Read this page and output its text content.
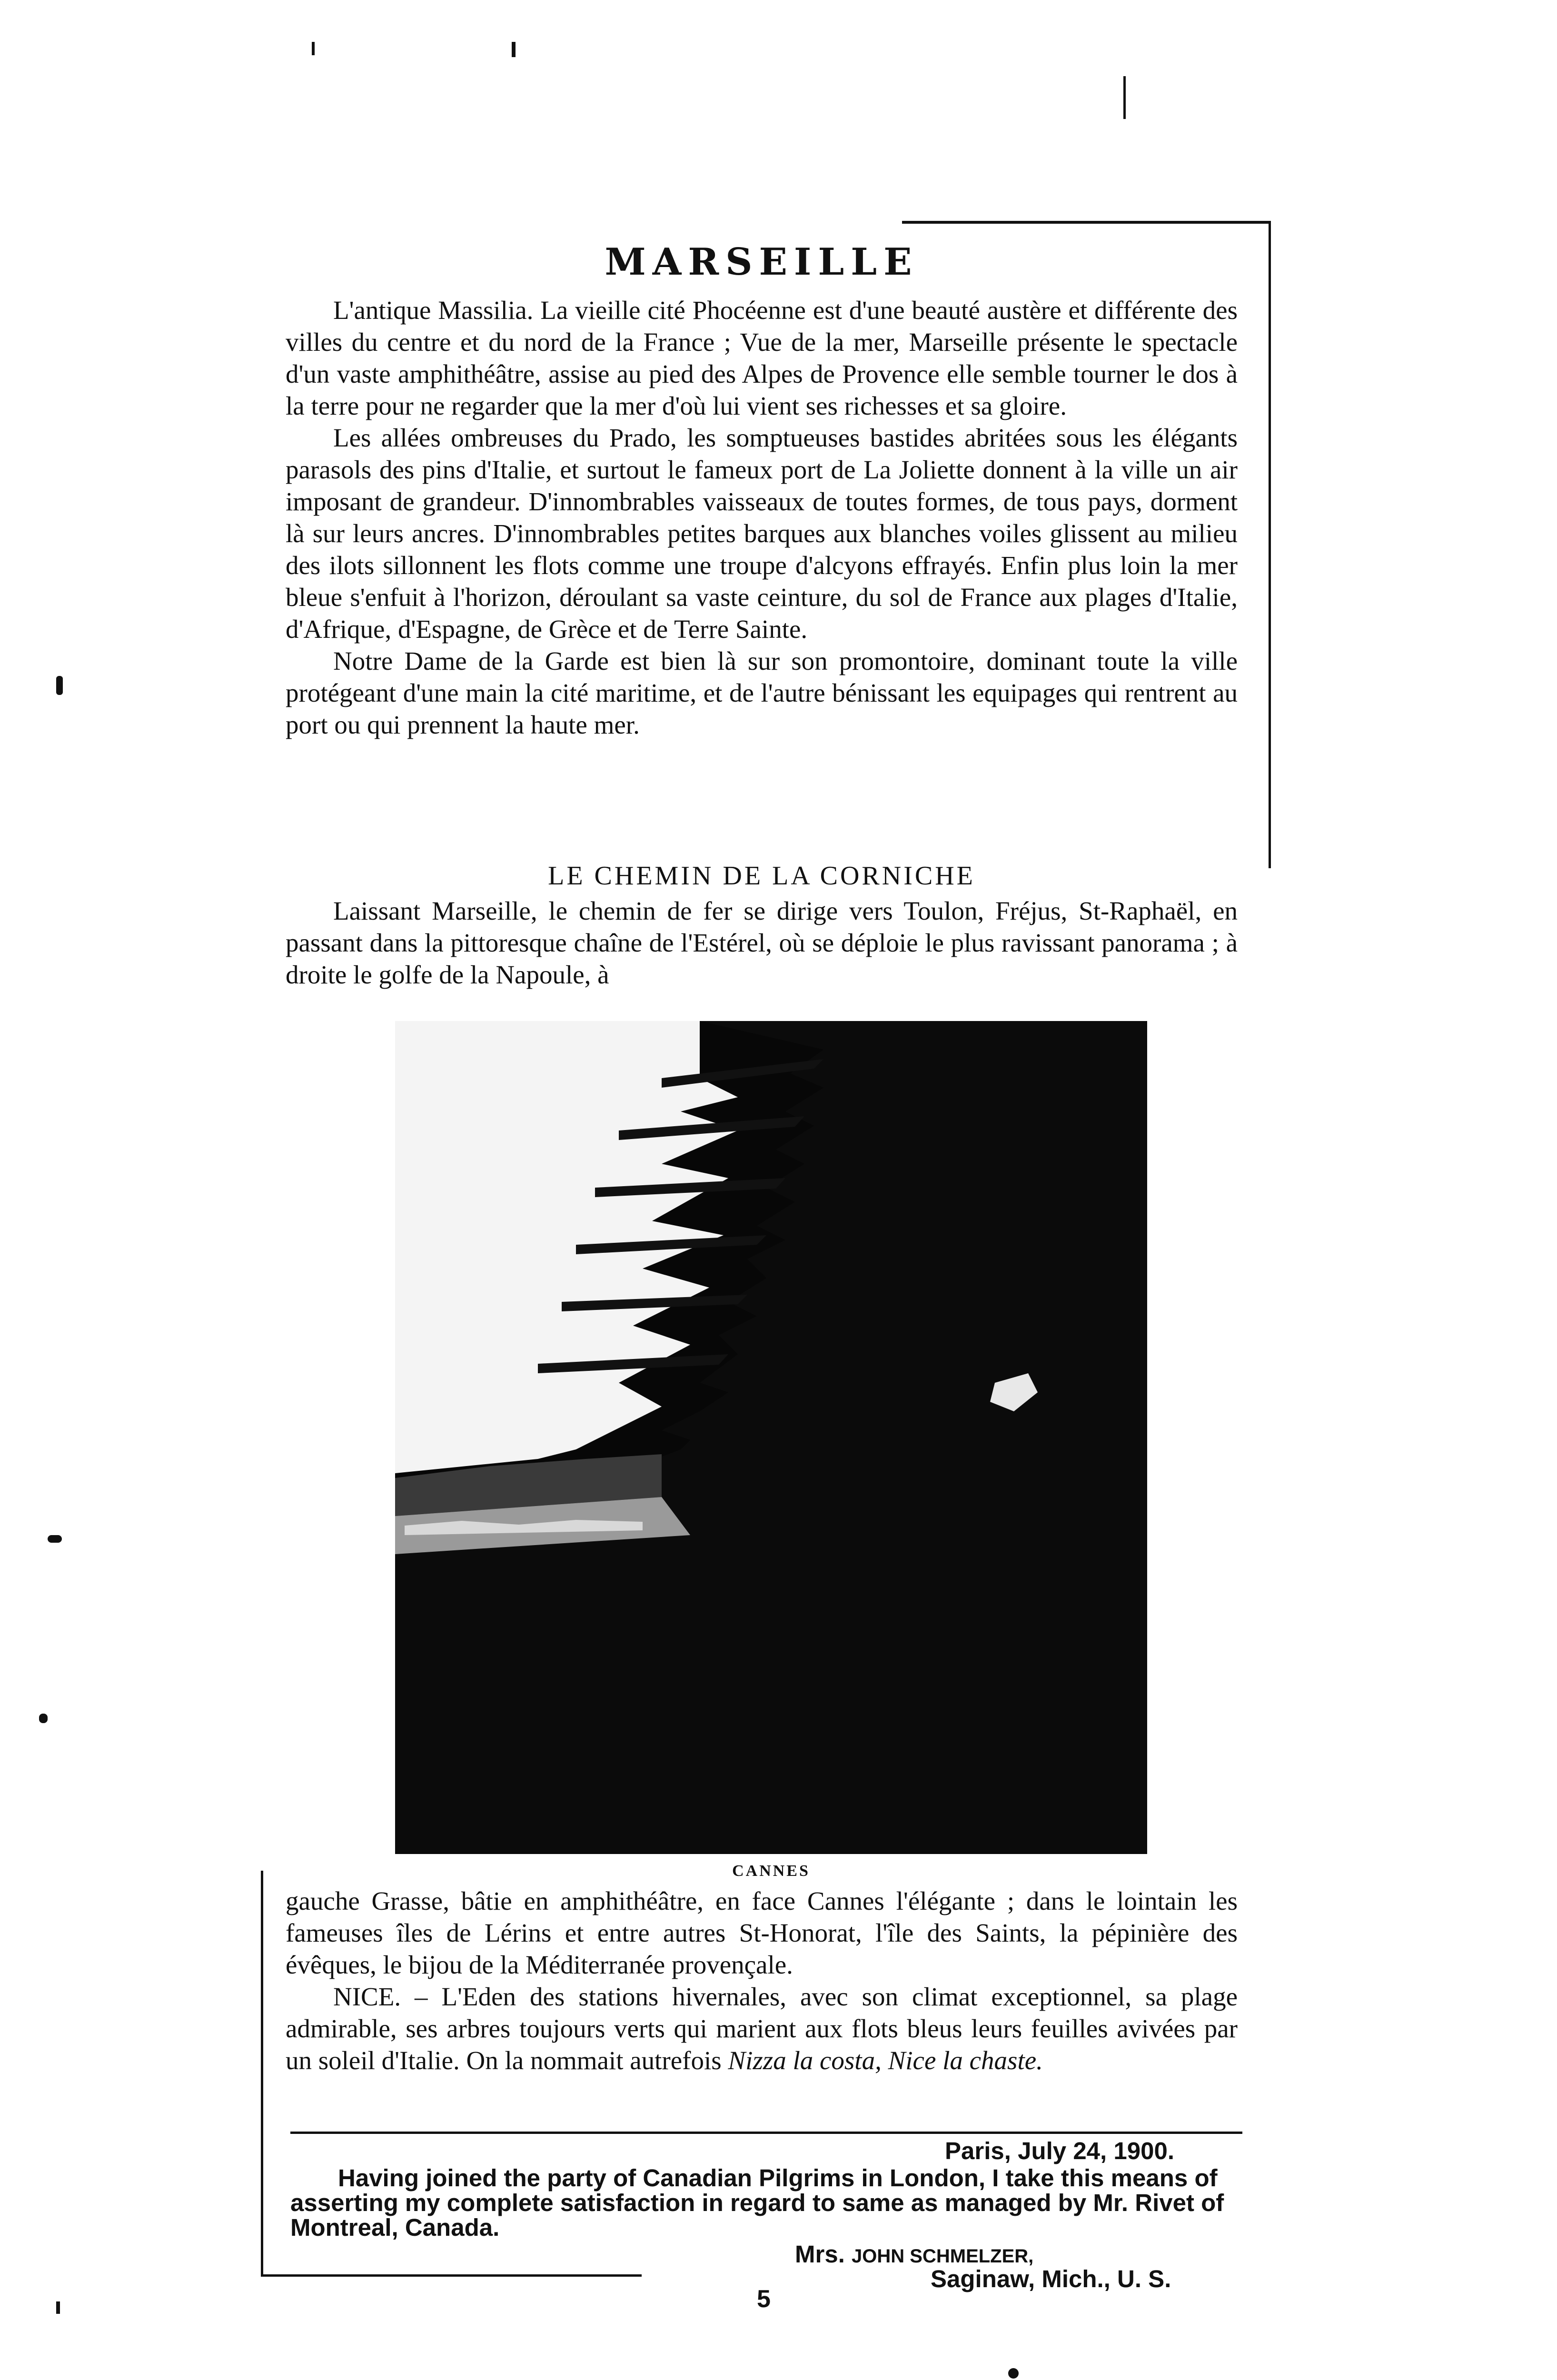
MARSEILLE

L'antique Massilia. La vieille cité Phocéenne est d'une beauté austère et différente des villes du centre et du nord de la France ; Vue de la mer, Marseille présente le spectacle d'un vaste amphithéâtre, assise au pied des Alpes de Provence elle semble tourner le dos à la terre pour ne regarder que la mer d'où lui vient ses richesses et sa gloire.

Les allées ombreuses du Prado, les somptueuses bastides abritées sous les élégants parasols des pins d'Italie, et surtout le fameux port de La Joliette donnent à la ville un air imposant de grandeur. D'innombrables vaisseaux de toutes formes, de tous pays, dorment là sur leurs ancres. D'innombrables petites barques aux blanches voiles glissent au milieu des ilots sillonnent les flots comme une troupe d'alcyons effrayés. Enfin plus loin la mer bleue s'enfuit à l'horizon, déroulant sa vaste ceinture, du sol de France aux plages d'Italie, d'Afrique, d'Espagne, de Grèce et de Terre Sainte.

Notre Dame de la Garde est bien là sur son promontoire, dominant toute la ville protégeant d'une main la cité maritime, et de l'autre bénissant les equipages qui rentrent au port ou qui prennent la haute mer.

LE CHEMIN DE LA CORNICHE

Laissant Marseille, le chemin de fer se dirige vers Toulon, Fréjus, St-Raphaël, en passant dans la pittoresque chaîne de l'Estérel, où se déploie le plus ravissant panorama ; à droite le golfe de la Napoule, à

CANNES

gauche Grasse, bâtie en amphithéâtre, en face Cannes l'élégante ; dans le lointain les fameuses îles de Lérins et entre autres St-Honorat, l'île des Saints, la pépinière des évêques, le bijou de la Méditerranée provençale.

NICE. – L'Eden des stations hivernales, avec son climat exceptionnel, sa plage admirable, ses arbres toujours verts qui marient aux flots bleus leurs feuilles avivées par un soleil d'Italie. On la nommait autrefois Nizza la costa, Nice la chaste.

Paris, July 24, 1900.

Having joined the party of Canadian Pilgrims in London, I take this means of asserting my complete satisfaction in regard to same as managed by Mr. Rivet of Montreal, Canada.

Mrs. JOHN SCHMELZER,
Saginaw, Mich., U. S.
5
